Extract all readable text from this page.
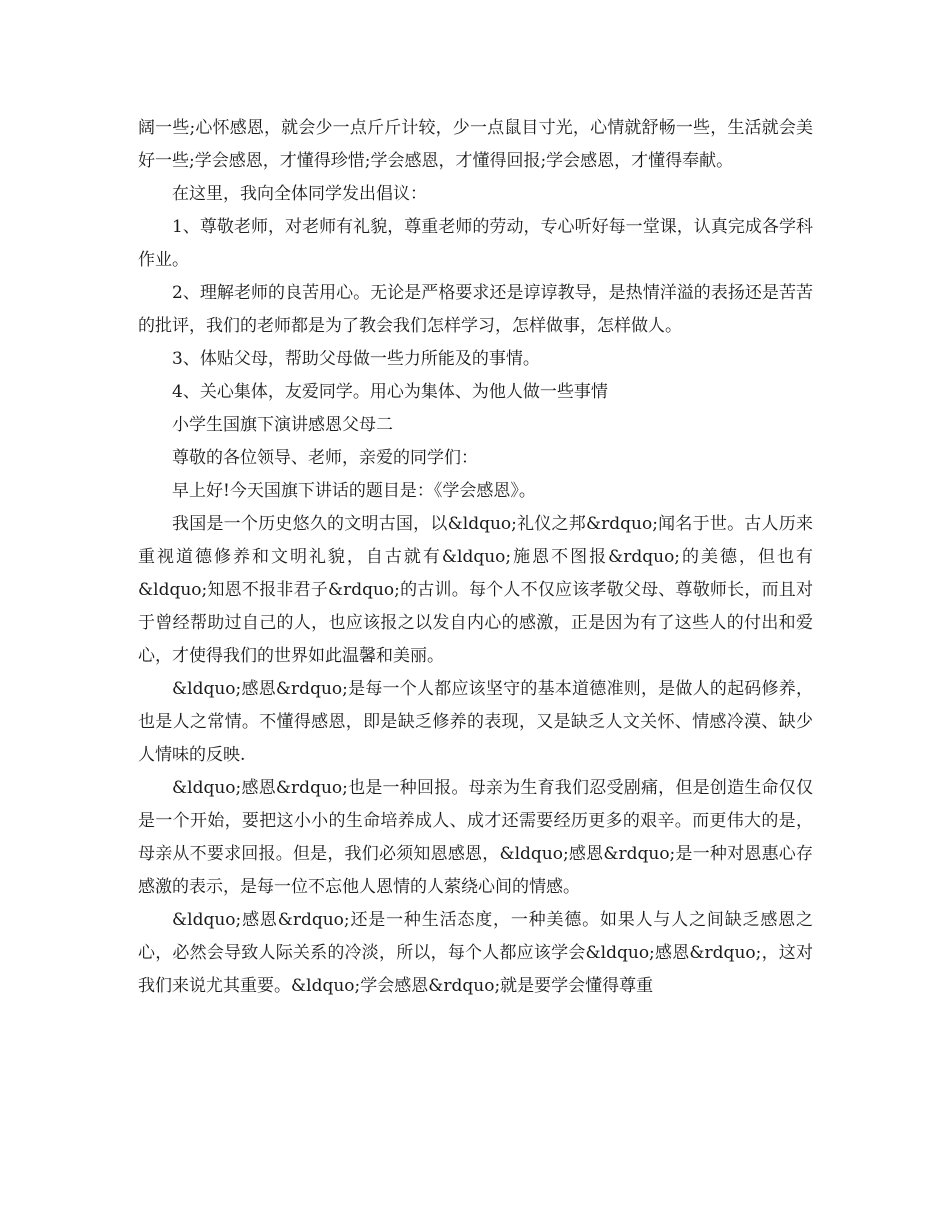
阔一些;心怀感恩，就会少一点斤斤计较，少一点鼠目寸光，心情就舒畅一些，生活就会美好一些;学会感恩，才懂得珍惜;学会感恩，才懂得回报;学会感恩，才懂得奉献。

在这里，我向全体同学发出倡议：

1、尊敬老师，对老师有礼貌，尊重老师的劳动，专心听好每一堂课，认真完成各学科作业。

2、理解老师的良苦用心。无论是严格要求还是谆谆教导，是热情洋溢的表扬还是苦苦的批评，我们的老师都是为了教会我们怎样学习，怎样做事，怎样做人。

3、体贴父母，帮助父母做一些力所能及的事情。

4、关心集体，友爱同学。用心为集体、为他人做一些事情

小学生国旗下演讲感恩父母二

尊敬的各位领导、老师，亲爱的同学们：

早上好!今天国旗下讲话的题目是：《学会感恩》。

我国是一个历史悠久的文明古国，以&ldquo;礼仪之邦&rdquo;闻名于世。古人历来重视道德修养和文明礼貌，自古就有&ldquo;施恩不图报&rdquo;的美德，但也有&ldquo;知恩不报非君子&rdquo;的古训。每个人不仅应该孝敬父母、尊敬师长，而且对于曾经帮助过自己的人，也应该报之以发自内心的感激，正是因为有了这些人的付出和爱心，才使得我们的世界如此温馨和美丽。

&ldquo;感恩&rdquo;是每一个人都应该坚守的基本道德准则，是做人的起码修养，也是人之常情。不懂得感恩，即是缺乏修养的表现，又是缺乏人文关怀、情感冷漠、缺少人情味的反映.

&ldquo;感恩&rdquo;也是一种回报。母亲为生育我们忍受剧痛，但是创造生命仅仅是一个开始，要把这小小的生命培养成人、成才还需要经历更多的艰辛。而更伟大的是，母亲从不要求回报。但是，我们必须知恩感恩，&ldquo;感恩&rdquo;是一种对恩惠心存感激的表示，是每一位不忘他人恩情的人萦绕心间的情感。

&ldquo;感恩&rdquo;还是一种生活态度，一种美德。如果人与人之间缺乏感恩之心，必然会导致人际关系的冷淡，所以，每个人都应该学会&ldquo;感恩&rdquo;，这对我们来说尤其重要。&ldquo;学会感恩&rdquo;就是要学会懂得尊重
